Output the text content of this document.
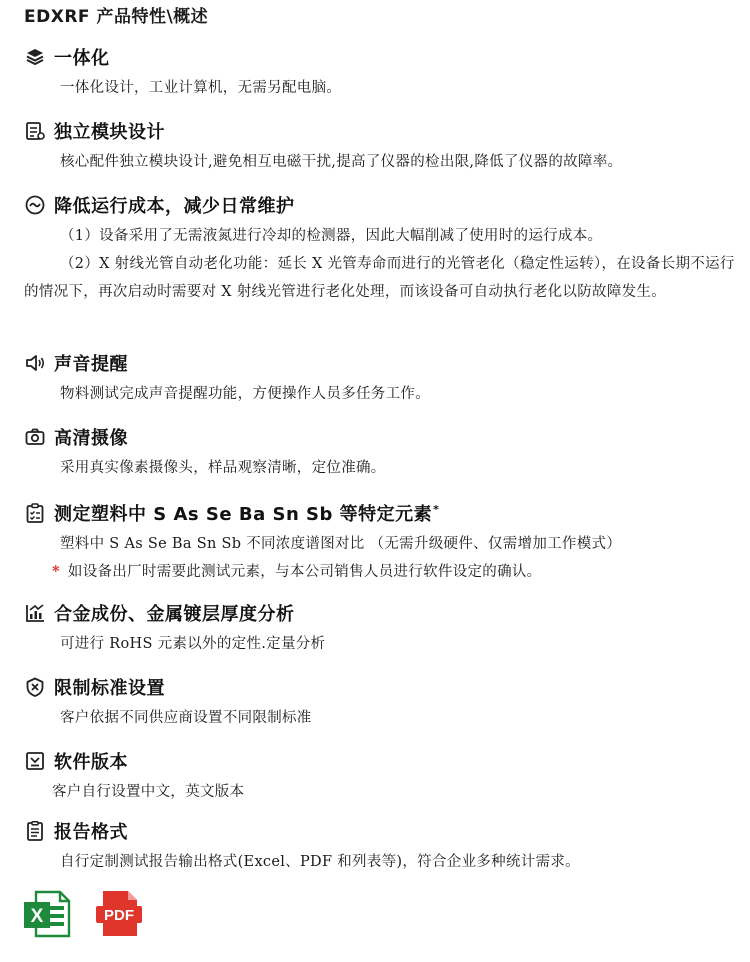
EDXRF 产品特性\概述
一体化

一体化设计，工业计算机，无需另配电脑。

独立模块设计

核心配件独立模块设计,避免相互电磁干扰,提高了仪器的检出限,降低了仪器的故障率。

降低运行成本，减少日常维护

（1）设备采用了无需液氮进行冷却的检测器，因此大幅削减了使用时的运行成本。

（2）X 射线光管自动老化功能：延长 X 光管寿命而进行的光管老化（稳定性运转），在设备长期不运行的情况下，再次启动时需要对 X 射线光管进行老化处理，而该设备可自动执行老化以防故障发生。

声音提醒

物料测试完成声音提醒功能，方便操作人员多任务工作。

高清摄像

采用真实像素摄像头，样品观察清晰，定位准确。

测定塑料中 S As Se Ba Sn Sb 等特定元素*

塑料中 S As Se Ba Sn Sb 不同浓度谱图对比 （无需升级硬件、仅需增加工作模式）

* 如设备出厂时需要此测试元素，与本公司销售人员进行软件设定的确认。

合金成份、金属镀层厚度分析

可进行 RoHS 元素以外的定性.定量分析

限制标准设置

客户依据不同供应商设置不同限制标准

软件版本

客户自行设置中文，英文版本

报告格式

自行定制测试报告输出格式(Excel、PDF 和列表等)，符合企业多种统计需求。

X	PDF
